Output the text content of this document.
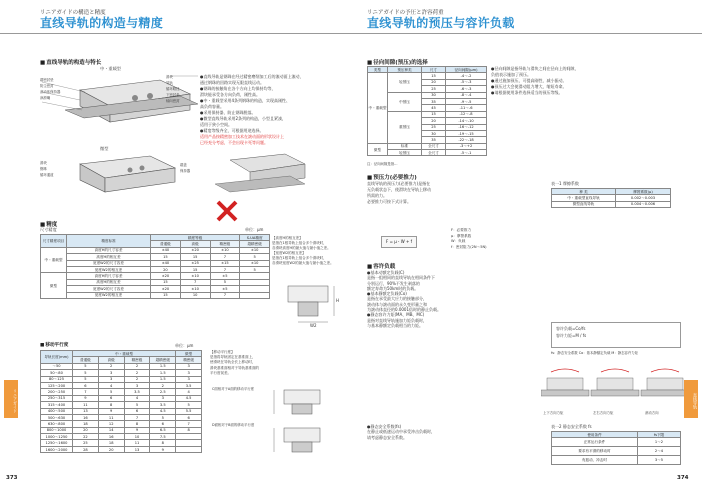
リニアガイドの構造と精度
直线导轨的构造与精度
■ 直线导轨的构造与特长
中・重载型
端密封垫
防尘密封
滚动体保持器
润滑嘴
滑块
导轨
循环路径
下密封条
轴向密封
微型
滑块
钢珠
循环通道
端盖
保持器
●直线导轨是钢珠在经过精密磨削加工后的滚动面上滚动，
通过钢珠的回路实现无限直线运动。
●钢珠的接触角在各个方向上均保持均等，
滑块能承受各方向负荷，刚性高。
●中・重载型采用4条列钢珠的构造，实现高刚性、
高负荷容量。
●采用保持器，防止钢珠脱落。
●微型直线导轨采用2条列的构造，小型且紧凑，
适用于狭小空间。
●精度等级齐全，可根据用途选择。
适用产品按精密加工技术在滚动面的形状设计上
已经充分考虑，不会出现卡死等问题。
■ 精度
尺寸精度	单位：μm
尺寸精度项目	精度标准	精度等级			S-UA精度
		普通级	高级	精密级	超精密级
中・重载型	高度H的尺寸容差	±40	±20	±10	±10
	高度H的相互差	15	15	7	5
	宽度W2的尺寸容差	±40	±25	±15	±10
	宽度W2的相互差	20	15	7	5
微型	高度H的尺寸容差	±20	±10	±5	
	高度H的相互差	15	7	5	
	宽度W2的尺寸容差	±20	±10	±5	
	宽度W2的相互差	15	10	7	
【高度H的相互差】
是指在1根导轨上组合多个滑块时，
各滑块高度H的最大值与最小值之差。
【宽度W2的相互差】
是指在1根导轨上组合多个滑块时，
各滑块宽度W2的最大值与最小值之差。
H
W2
■ 移动平行度	单位：μm
导轨长度(mm)	中・重载型				微型
	普通级	高级	精密级	超精密级	精密级
～50	5	2	2	1.5	3
50～80	5	3	2	1.5	3
80～125	5	3	2	1.5	3
125～200	6	4	3	2	3.5
200～250	7	5	3.5	2.5	4
250～315	9	6	4	3	4.5
315～400	11	8	5	3.5	5
400～500	13	9	6	4.5	5.5
500～630	16	11	7	5	6
630～800	18	12	8	6	7
800～1000	20	14	9	6.5	8
1000～1250	22	16	10	7.5	
1250～1600	25	18	11	8	
1600～2000	28	20	13	9	
【移动平行度】
是指将导轨固定在基准面上，
使滑块在导轨全长上移动时，
滑块基准面相对于导轨基准面的
平行度误差。
C面相对于A面的移动平行度
D面相对于B面的移动平行度
リニアガイド
373
リニアガイドの予圧と許容荷重
直线导轨的预压与容许负载
■ 径向间隙(预压)的选择
类型	预压种类	尺寸	径向间隙(μm)
中・重载型	轻预压	15	-4～-2
		20	-5～-3
		25	-6～-3
	中预压	30	-8～-4
		35	-9～-5
		45	-11～-6
	重预压	15	-12～-8
		20	-14～-10
		25	-16～-12
		30	-19～-15
		35	-22～-18
微型	标准	全尺寸	-3～+2
	轻预压	全尺寸	-5～-1
注：径向间隙是指…
●径向间隙是指导轨与滑块之间在径向上的间隙，
负值表示施加了预压。
●通过施加预压，可提高刚性，减小振动。
●预压过大会使滑动阻力增大，缩短寿命。
●请根据使用条件选择适当的预压等级。
■ 预压力(必要推力)
直线导轨的预压力(必要推力)是指在
无负载状态下，使滑块在导轨上移动
所需的力。
必要推力可按下式计算。
表一1 摩擦系数
种 类	摩擦系数(μ)
中・重载型直线导轨	0.002～0.003
微型直线导轨	0.004～0.006
F = μ・W + f
F：必要推力
μ：摩擦系数
W：负载
f：密封阻力(2N～5N)
■ 容许负载
●基本动额定负载(C)
是指一组相同的直线导轨在相同条件下
分别运行，90%不发生剥落的
额定寿命为50km时的负载。
●基本静额定负载(Co)
是指在承受最大应力的接触部分，
滚动体与滚动面的永久变形量之和
为滚动体直径的0.0001倍时的静止负载。
●静态容许力矩(MA、MB、MC)
是指对直线导轨施加力矩负载时，
与基本静额定负载相当的力矩。
容许负载=Co/fs
容许力矩=M / fs
fs：静态安全系数 Co：基本静额定负载 M：静态容许力矩
上下方向力矩	左右方向力矩	滚动方向
●静态安全系数(fs)
在静止或低速运动中承受冲击负载时，
请考虑静态安全系数。
表一2 静态安全系数 fs
使用条件	fs下限
正常运行条件	1～2
要求有平滑的移动时	2～4
有振动、冲击时	3～5
直线导轨
374
